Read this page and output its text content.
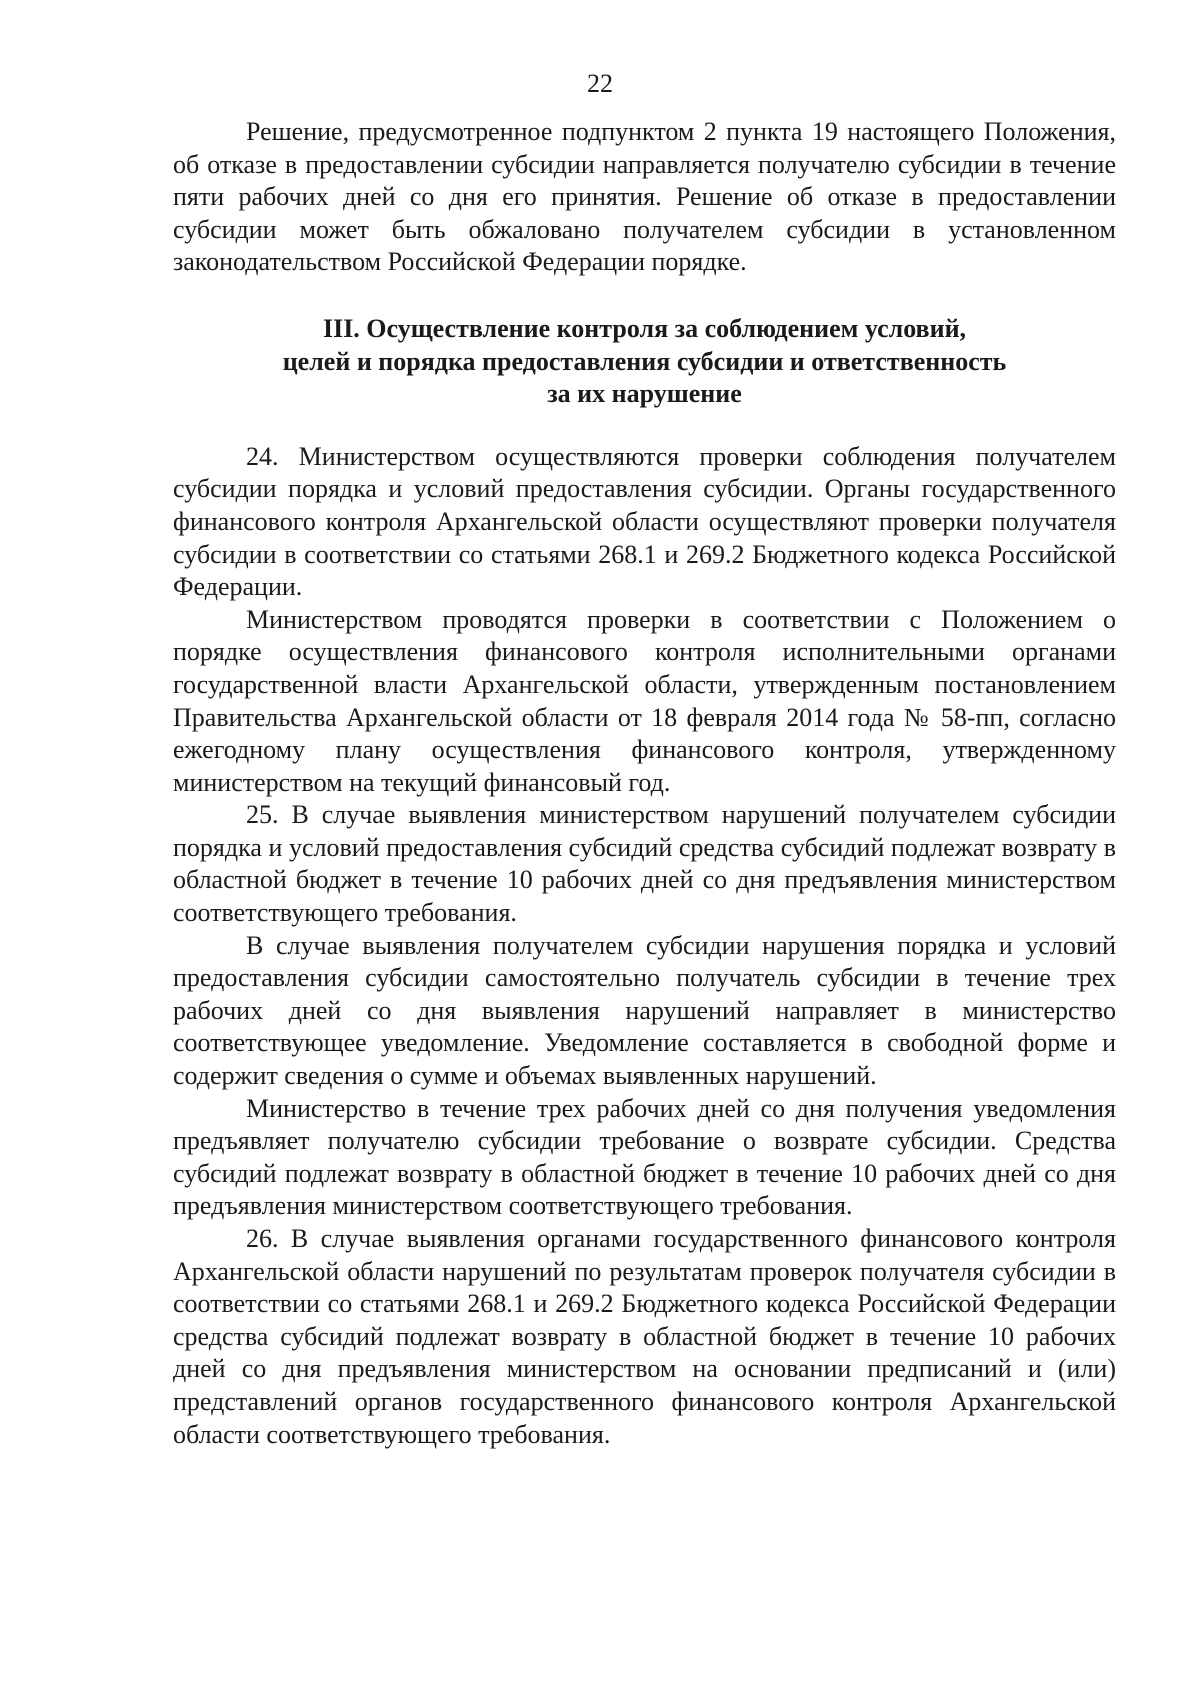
22

Решение, предусмотренное подпунктом 2 пункта 19 настоящего Положения, об отказе в предоставлении субсидии направляется получателю субсидии в течение пяти рабочих дней со дня его принятия. Решение об отказе в предоставлении субсидии может быть обжаловано получателем субсидии в установленном законодательством Российской Федерации порядке.

III. Осуществление контроля за соблюдением условий,
целей и порядка предоставления субсидии и ответственность
за их нарушение

24. Министерством осуществляются проверки соблюдения получателем субсидии порядка и условий предоставления субсидии. Органы государственного финансового контроля Архангельской области осуществляют проверки получателя субсидии в соответствии со статьями 268.1 и 269.2 Бюджетного кодекса Российской Федерации.

Министерством проводятся проверки в соответствии с Положением о порядке осуществления финансового контроля исполнительными органами государственной власти Архангельской области, утвержденным постановлением Правительства Архангельской области от 18 февраля 2014 года № 58-пп, согласно ежегодному плану осуществления финансового контроля, утвержденному министерством на текущий финансовый год.

25. В случае выявления министерством нарушений получателем субсидии порядка и условий предоставления субсидий средства субсидий подлежат возврату в областной бюджет в течение 10 рабочих дней со дня предъявления министерством соответствующего требования.

В случае выявления получателем субсидии нарушения порядка и условий предоставления субсидии самостоятельно получатель субсидии в течение трех рабочих дней со дня выявления нарушений направляет в министерство соответствующее уведомление. Уведомление составляется в свободной форме и содержит сведения о сумме и объемах выявленных нарушений.

Министерство в течение трех рабочих дней со дня получения уведомления предъявляет получателю субсидии требование о возврате субсидии. Средства субсидий подлежат возврату в областной бюджет в течение 10 рабочих дней со дня предъявления министерством соответствующего требования.

26. В случае выявления органами государственного финансового контроля Архангельской области нарушений по результатам проверок получателя субсидии в соответствии со статьями 268.1 и 269.2 Бюджетного кодекса Российской Федерации средства субсидий подлежат возврату в областной бюджет в течение 10 рабочих дней со дня предъявления министерством на основании предписаний и (или) представлений органов государственного финансового контроля Архангельской области соответствующего требования.
